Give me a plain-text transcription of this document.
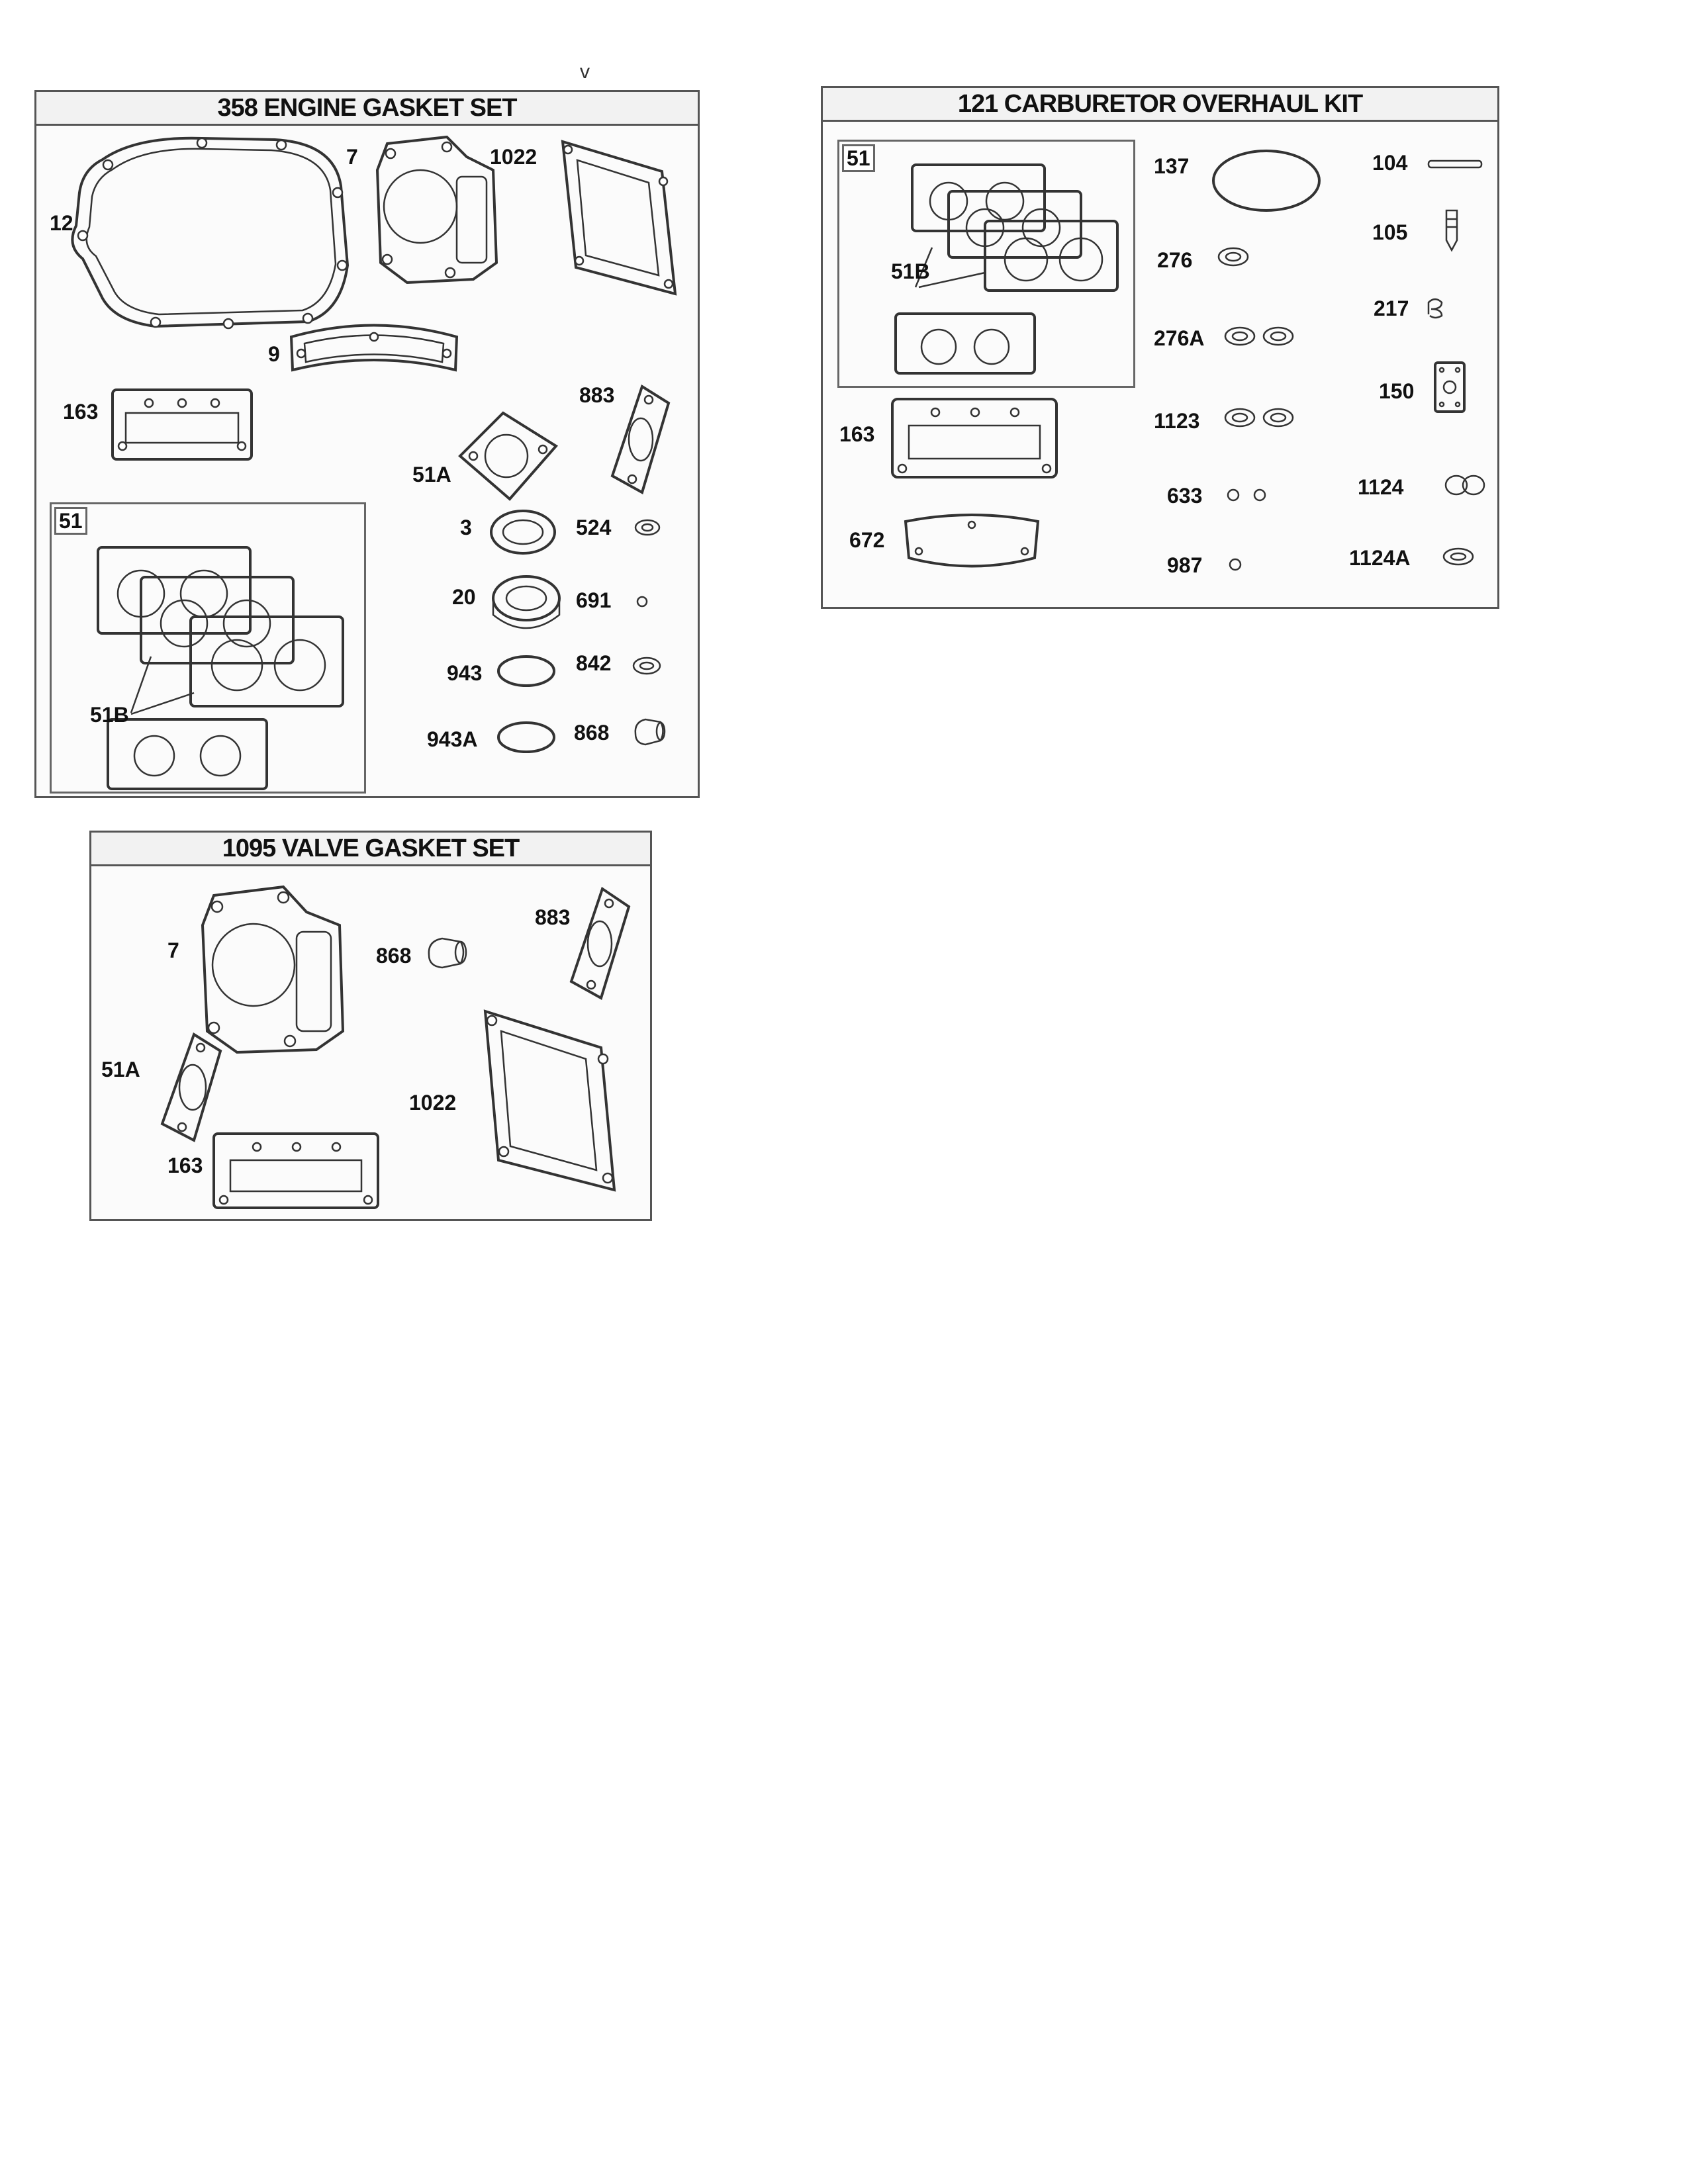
v
358 ENGINE GASKET SET
12
7	1022
9
163
51A
883
51
51B
3
20
943
943A
524
691
842
868
121 CARBURETOR OVERHAUL KIT
51
51B
163
672
137
276
276A
1123
633
987
104
105
217
150
1124
1124A
1095 VALVE GASKET SET
7	868
883
51A
163
1022
